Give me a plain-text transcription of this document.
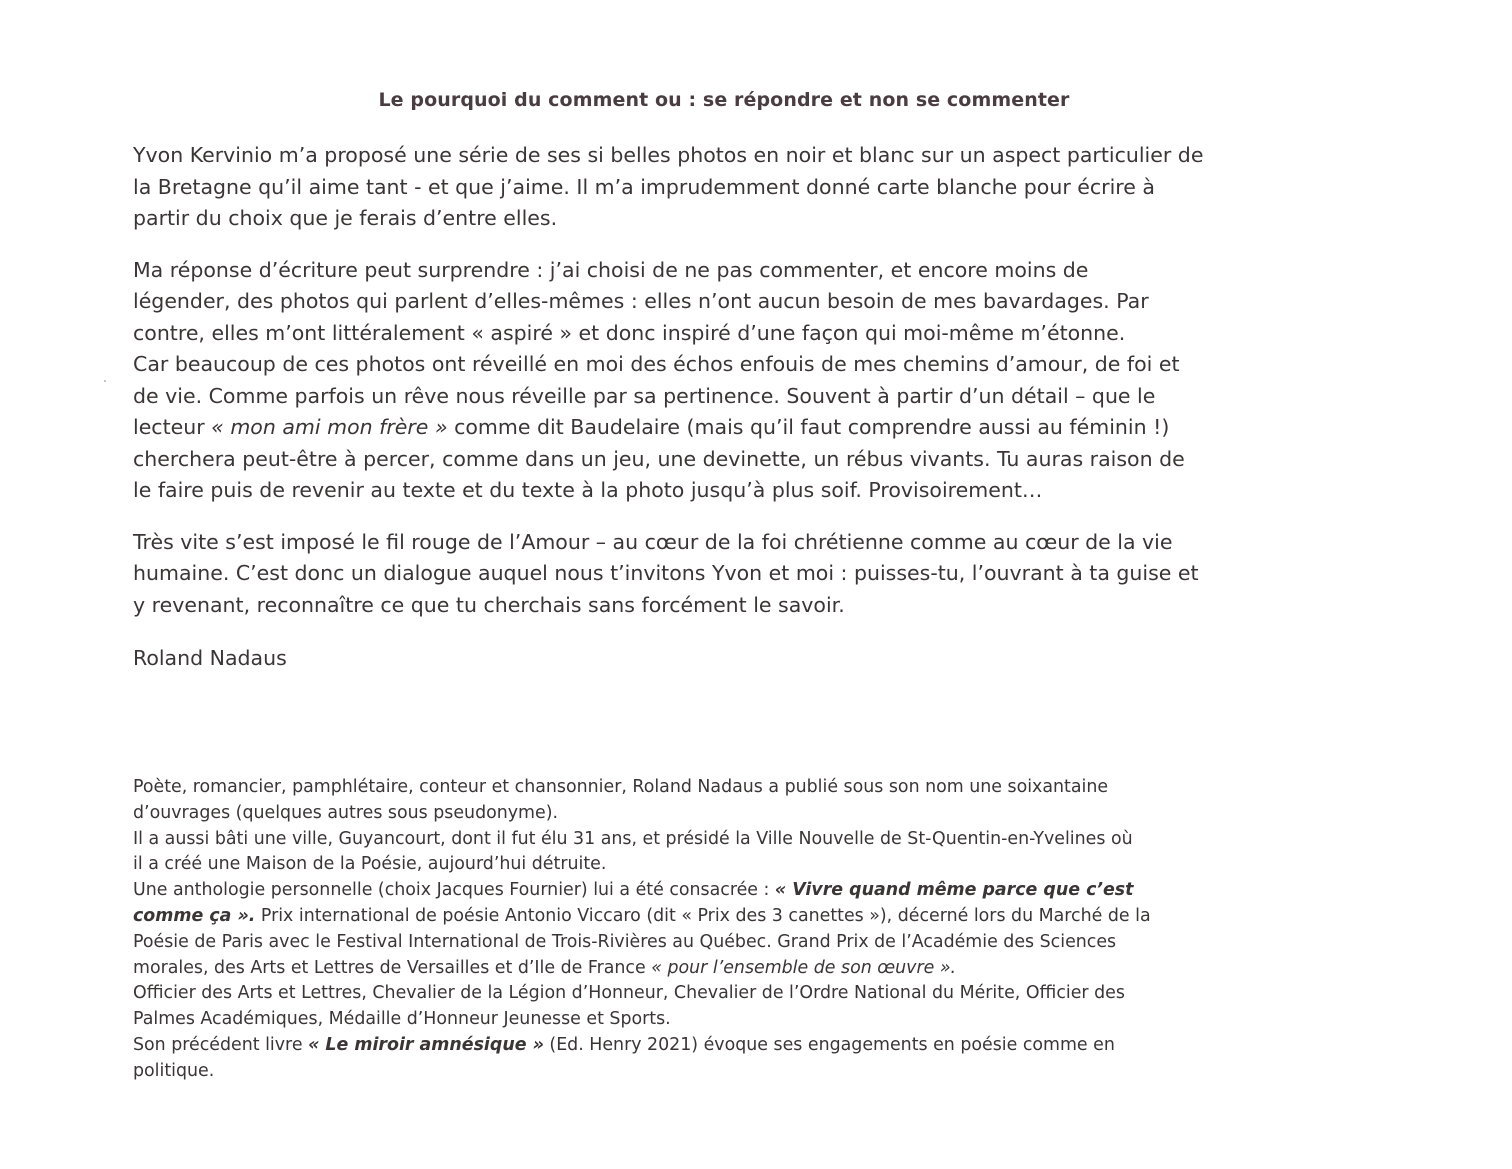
Le pourquoi du comment ou : se répondre et non se commenter

Yvon Kervinio m’a proposé une série de ses si belles photos en noir et blanc sur un aspect particulier de
la Bretagne qu’il aime tant - et que j’aime. Il m’a imprudemment donné carte blanche pour écrire à
partir du choix que je ferais d’entre elles.

Ma réponse d’écriture peut surprendre : j’ai choisi de ne pas commenter, et encore moins de
légender, des photos qui parlent d’elles-mêmes : elles n’ont aucun besoin de mes bavardages. Par
contre, elles m’ont littéralement « aspiré » et donc inspiré d’une façon qui moi-même m’étonne.
Car beaucoup de ces photos ont réveillé en moi des échos enfouis de mes chemins d’amour, de foi et
de vie. Comme parfois un rêve nous réveille par sa pertinence. Souvent à partir d’un détail – que le
lecteur « mon ami mon frère » comme dit Baudelaire (mais qu’il faut comprendre aussi au féminin !)
cherchera peut-être à percer, comme dans un jeu, une devinette, un rébus vivants. Tu auras raison de
le faire puis de revenir au texte et du texte à la photo jusqu’à plus soif. Provisoirement…

Très vite s’est imposé le fil rouge de l’Amour – au cœur de la foi chrétienne comme au cœur de la vie
humaine. C’est donc un dialogue auquel nous t’invitons Yvon et moi : puisses-tu, l’ouvrant à ta guise et
y revenant, reconnaître ce que tu cherchais sans forcément le savoir.

Roland Nadaus
Poète, romancier, pamphlétaire, conteur et chansonnier, Roland Nadaus a publié sous son nom une soixantaine
d’ouvrages (quelques autres sous pseudonyme).
Il a aussi bâti une ville, Guyancourt, dont il fut élu 31 ans, et présidé la Ville Nouvelle de St-Quentin-en-Yvelines où
il a créé une Maison de la Poésie, aujourd’hui détruite.
Une anthologie personnelle (choix Jacques Fournier) lui a été consacrée : « Vivre quand même parce que c’est
comme ça ». Prix international de poésie Antonio Viccaro (dit « Prix des 3 canettes »), décerné lors du Marché de la
Poésie de Paris avec le Festival International de Trois-Rivières au Québec. Grand Prix de l’Académie des Sciences
morales, des Arts et Lettres de Versailles et d’Ile de France « pour l’ensemble de son œuvre ».
Officier des Arts et Lettres, Chevalier de la Légion d’Honneur, Chevalier de l’Ordre National du Mérite, Officier des
Palmes Académiques, Médaille d’Honneur Jeunesse et Sports.
Son précédent livre « Le miroir amnésique » (Ed. Henry 2021) évoque ses engagements en poésie comme en
politique.
